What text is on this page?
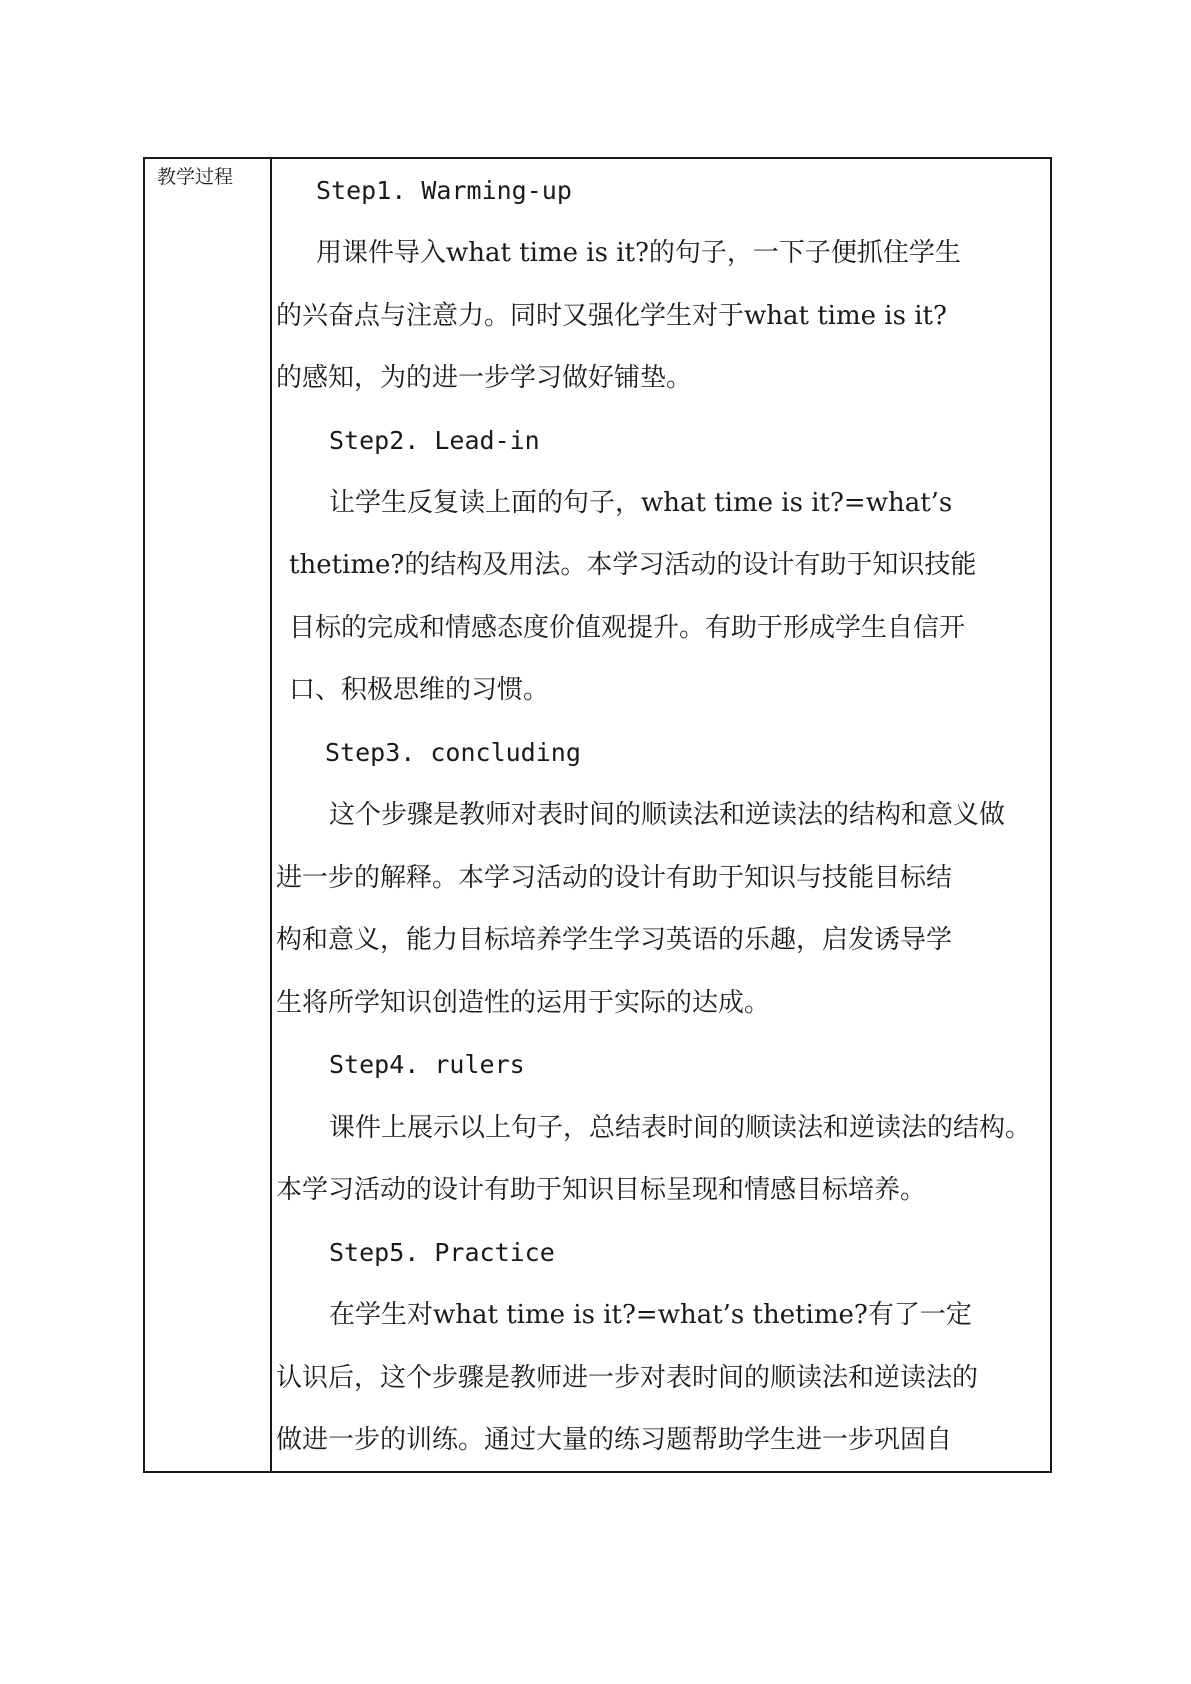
教学过程	Step1. Warming-up
用课件导入what time is it?的句子，一下子便抓住学生
的兴奋点与注意力。同时又强化学生对于what time is it?
的感知，为的进一步学习做好铺垫。
Step2. Lead-in
让学生反复读上面的句子，what time is it?=what’s
thetime?的结构及用法。本学习活动的设计有助于知识技能
目标的完成和情感态度价值观提升。有助于形成学生自信开
口、积极思维的习惯。
Step3. concluding
这个步骤是教师对表时间的顺读法和逆读法的结构和意义做
进一步的解释。本学习活动的设计有助于知识与技能目标结
构和意义，能力目标培养学生学习英语的乐趣，启发诱导学
生将所学知识创造性的运用于实际的达成。
Step4. rulers
课件上展示以上句子，总结表时间的顺读法和逆读法的结构。
本学习活动的设计有助于知识目标呈现和情感目标培养。
Step5. Practice
在学生对what time is it?=what’s thetime?有了一定
认识后，这个步骤是教师进一步对表时间的顺读法和逆读法的
做进一步的训练。通过大量的练习题帮助学生进一步巩固自
